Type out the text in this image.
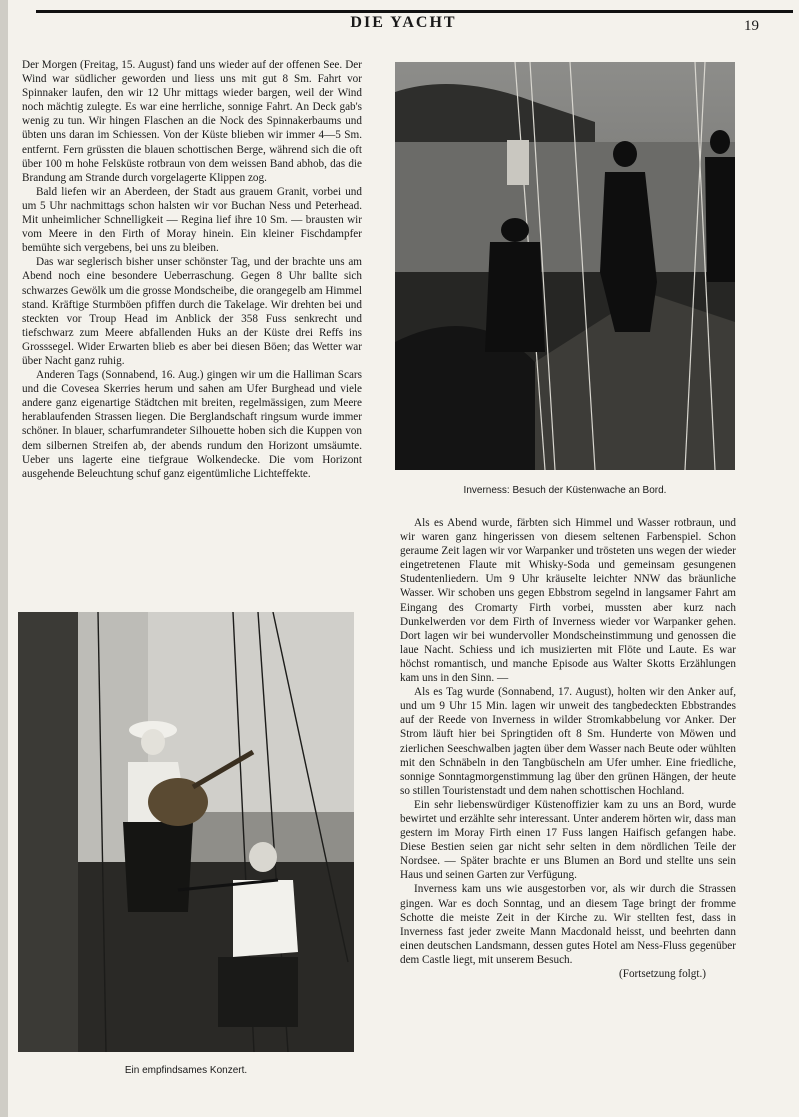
DIE YACHT	19

Der Morgen (Freitag, 15. August) fand uns wieder auf der offenen See. Der Wind war südlicher geworden und liess uns mit gut 8 Sm. Fahrt vor Spinnaker laufen, den wir 12 Uhr mittags wieder bargen, weil der Wind noch mächtig zulegte. Es war eine herrliche, sonnige Fahrt. An Deck gab's wenig zu tun. Wir hingen Flaschen an die Nock des Spinnakerbaums und übten uns daran im Schiessen. Von der Küste blieben wir immer 4—5 Sm. entfernt. Fern grüssten die blauen schottischen Berge, während sich die oft über 100 m hohe Felsküste rotbraun von dem weissen Band abhob, das die Brandung am Strande durch vorgelagerte Klippen zog.

Bald liefen wir an Aberdeen, der Stadt aus grauem Granit, vorbei und um 5 Uhr nachmittags schon halsten wir vor Buchan Ness und Peterhead. Mit unheimlicher Schnelligkeit — Regina lief ihre 10 Sm. — brausten wir vom Meere in den Firth of Moray hinein. Ein kleiner Fischdampfer bemühte sich vergebens, bei uns zu bleiben.

Das war seglerisch bisher unser schönster Tag, und der brachte uns am Abend noch eine besondere Ueberraschung. Gegen 8 Uhr ballte sich schwarzes Gewölk um die grosse Mondscheibe, die orangegelb am Himmel stand. Kräftige Sturmböen pfiffen durch die Takelage. Wir drehten bei und steckten vor Troup Head im Anblick der 358 Fuss senkrecht und tiefschwarz zum Meere abfallenden Huks an der Küste drei Reffs ins Grosssegel. Wider Erwarten blieb es aber bei diesen Böen; das Wetter war über Nacht ganz ruhig.

Anderen Tags (Sonnabend, 16. Aug.) gingen wir um die Halliman Scars und die Covesea Skerries herum und sahen am Ufer Burghead und viele andere ganz eigenartige Städtchen mit breiten, regelmässigen, zum Meere herablaufenden Strassen liegen. Die Berglandschaft ringsum wurde immer schöner. In blauer, scharfumrandeter Silhouette hoben sich die Kuppen von dem silbernen Streifen ab, der abends rundum den Horizont umsäumte. Ueber uns lagerte eine tiefgraue Wolkendecke. Die vom Horizont ausgehende Beleuchtung schuf ganz eigentümliche Lichteffekte.

Inverness: Besuch der Küstenwache an Bord.
Ein empfindsames Konzert.

Als es Abend wurde, färbten sich Himmel und Wasser rotbraun, und wir waren ganz hingerissen von diesem seltenen Farbenspiel. Schon geraume Zeit lagen wir vor Warpanker und trösteten uns wegen der wieder eingetretenen Flaute mit Whisky-Soda und gemeinsam gesungenen Studentenliedern. Um 9 Uhr kräuselte leichter NNW das bräunliche Wasser. Wir schoben uns gegen Ebbstrom segelnd in langsamer Fahrt am Eingang des Cromarty Firth vorbei, mussten aber kurz nach Dunkelwerden vor dem Firth of Inverness wieder vor Warpanker gehen. Dort lagen wir bei wundervoller Mondscheinstimmung und genossen die laue Nacht. Schiess und ich musizierten mit Flöte und Laute. Es war höchst romantisch, und manche Episode aus Walter Skotts Erzählungen kam uns in den Sinn. —

Als es Tag wurde (Sonnabend, 17. August), holten wir den Anker auf, und um 9 Uhr 15 Min. lagen wir unweit des tangbedeckten Ebbstrandes auf der Reede von Inverness in wilder Stromkabbelung vor Anker. Der Strom läuft hier bei Springtiden oft 8 Sm. Hunderte von Möwen und zierlichen Seeschwalben jagten über dem Wasser nach Beute oder wühlten mit den Schnäbeln in den Tangbüscheln am Ufer umher. Eine friedliche, sonnige Sonntagmorgenstimmung lag über den grünen Hängen, der heute so stillen Touristenstadt und dem nahen schottischen Hochland.

Ein sehr liebenswürdiger Küstenoffizier kam zu uns an Bord, wurde bewirtet und erzählte sehr interessant. Unter anderem hörten wir, dass man gestern im Moray Firth einen 17 Fuss langen Haifisch gefangen habe. Diese Bestien seien gar nicht sehr selten in dem nördlichen Teile der Nordsee. — Später brachte er uns Blumen an Bord und stellte uns sein Haus und seinen Garten zur Verfügung.

Inverness kam uns wie ausgestorben vor, als wir durch die Strassen gingen. War es doch Sonntag, und an diesem Tage bringt der fromme Schotte die meiste Zeit in der Kirche zu. Wir stellten fest, dass in Inverness fast jeder zweite Mann Macdonald heisst, und beehrten dann einen deutschen Landsmann, dessen gutes Hotel am Ness-Fluss gegenüber dem Castle liegt, mit unserem Besuch.

(Fortsetzung folgt.)
